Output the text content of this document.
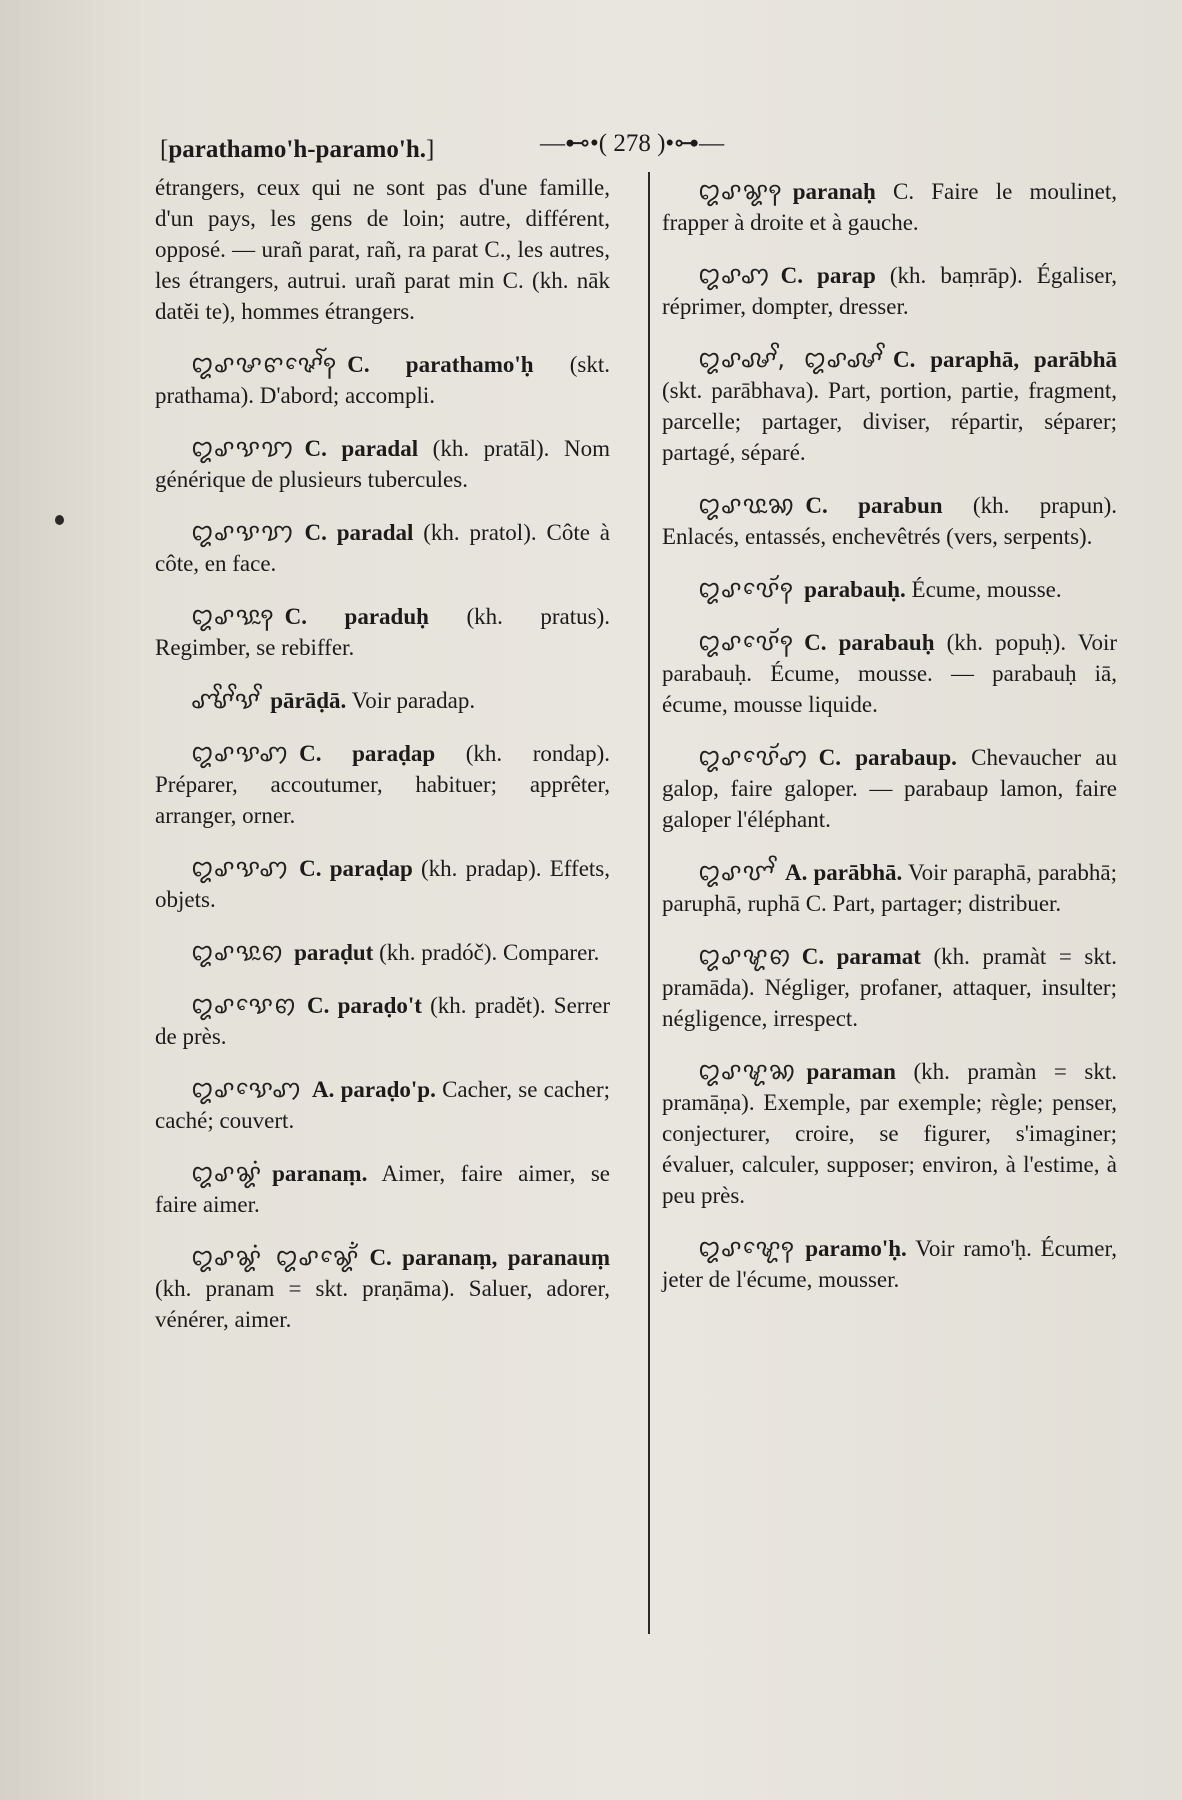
[parathamo'h-paramo'h.]	—⊷•( 278 )•⊶—

étrangers, ceux qui ne sont pas d'une famille, d'un pays, les gens de loin; autre, différent, opposé. — urañ parat, rañ, ra parat C., les autres, les étrangers, autrui. urañ parat min C. (kh. nāk datĕi te), hommes étrangers.

ꨁꨣꨔꨓꨟꨯꨱꩍ C. parathamo'ḥ (skt. prathama). D'abord; accompli.

ꨁꨣꨕꩈ C. paradal (kh. pratāl). Nom générique de plusieurs tubercules.

ꨁꨣꨕꩈ C. paradal (kh. pratol). Côte à côte, en face.

ꨁꨣꨕꨭꩍ C. paraduḥ (kh. pratus). Regimber, se rebiffer.

ꨚꨩꨣꨩꨕꨩ pārāḍā. Voir paradap.

ꨁꨣꨕꩇ C. paraḍap (kh. rondap). Préparer, accoutumer, habituer; apprêter, arranger, orner.

ꨁꨣꨕꩇ C. paraḍap (kh. pradap). Effets, objets.

ꨁꨣꨕꨭꩅ paraḍut (kh. pradóč). Comparer.

ꨁꨣꨕꨯꩅ C. paraḍo't (kh. pradĕt). Serrer de près.

ꨁꨣꨕꨯꩇ A. paraḍo'p. Cacher, se cacher; caché; couvert.

ꨁꨣꨘꩌ paranaṃ. Aimer, faire aimer, se faire aimer.

ꨁꨣꨘꩌ ꨁꨣꨘꨯꨮꩌ C. paranaṃ, paranauṃ (kh. pranam = skt. praṇāma). Saluer, adorer, vénérer, aimer.

ꨁꨣꨘꩍ paranaḥ C. Faire le moulinet, frapper à droite et à gauche.

ꨁꨣꩇ C. parap (kh. baṃrāp). Égaliser, réprimer, dompter, dresser.

ꨁꨣꨜꨩ, ꨁꨣꨜꨩ C. paraphā, parābhā (skt. parābhava). Part, portion, partie, fragment, parcelle; partager, diviser, répartir, séparer; partagé, séparé.

ꨁꨣꨝꨭꩆ C. parabun (kh. prapun). Enlacés, entassés, enchevêtrés (vers, serpents).

ꨁꨣꨝꨯꨮꩍ parabauḥ. Écume, mousse.

ꨁꨣꨝꨯꨮꩍ C. parabauḥ (kh. popuḥ). Voir parabauḥ. Écume, mousse. — parabauḥ iā, écume, mousse liquide.

ꨁꨣꨝꨯꨮꩇ C. parabaup. Chevaucher au galop, faire galoper. — parabaup lamon, faire galoper l'éléphant.

ꨁꨣꨞꨩ A. parābhā. Voir paraphā, parabhā; paruphā, ruphā C. Part, partager; distribuer.

ꨁꨣꨠꩅ C. paramat (kh. pramàt = skt. pramāda). Négliger, profaner, attaquer, insulter; négligence, irrespect.

ꨁꨣꨠꩆ paraman (kh. pramàn = skt. pramāṇa). Exemple, par exemple; règle; penser, conjecturer, croire, se figurer, s'imaginer; évaluer, calculer, supposer; environ, à l'estime, à peu près.

ꨁꨣꨠꨯꩍ paramo'ḥ. Voir ramo'ḥ. Écumer, jeter de l'écume, mousser.
